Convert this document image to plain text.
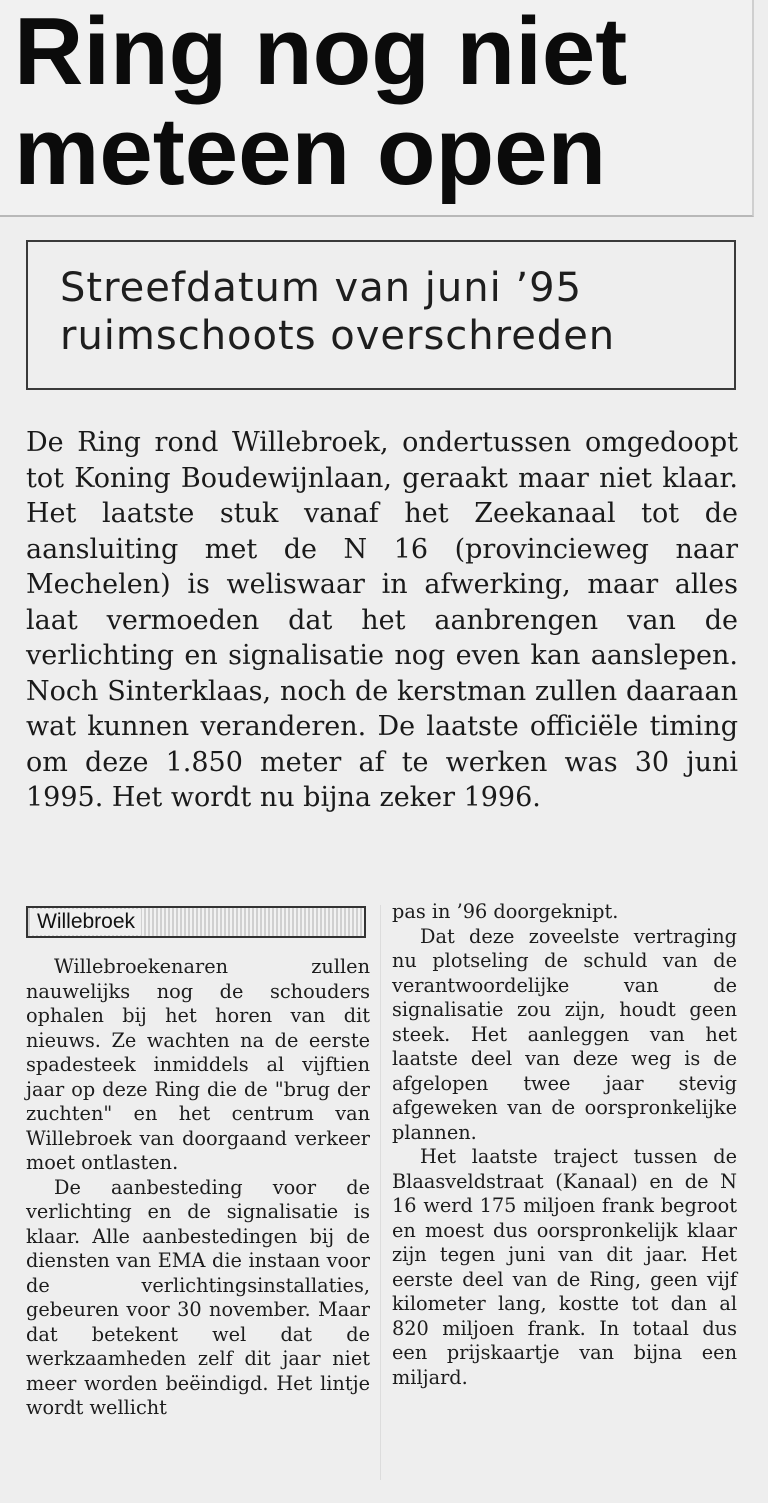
Ring nog niet meteen open
Streefdatum van juni ’95
ruimschoots overschreden
De Ring rond Willebroek, ondertussen omgedoopt tot Koning Boudewijnlaan, geraakt maar niet klaar. Het laatste stuk vanaf het Zeekanaal tot de aansluiting met de N 16 (provincieweg naar Mechelen) is weliswaar in afwerking, maar alles laat vermoeden dat het aanbrengen van de verlichting en signalisatie nog even kan aanslepen. Noch Sinterklaas, noch de kerstman zullen daaraan wat kunnen veranderen. De laatste officiële timing om deze 1.850 meter af te werken was 30 juni 1995. Het wordt nu bijna zeker 1996.
Willebroek

Willebroekenaren zullen nauwelijks nog de schouders ophalen bij het horen van dit nieuws. Ze wachten na de eerste spadesteek inmiddels al vijftien jaar op deze Ring die de "brug der zuchten" en het centrum van Willebroek van doorgaand verkeer moet ontlasten.

De aanbesteding voor de verlichting en de signalisatie is klaar. Alle aanbestedingen bij de diensten van EMA die instaan voor de verlichtingsinstallaties, gebeuren voor 30 november. Maar dat betekent wel dat de werkzaamheden zelf dit jaar niet meer worden beëindigd. Het lintje wordt wellicht

pas in ’96 doorgeknipt.

Dat deze zoveelste vertraging nu plotseling de schuld van de verantwoordelijke van de signalisatie zou zijn, houdt geen steek. Het aanleggen van het laatste deel van deze weg is de afgelopen twee jaar stevig afgeweken van de oorspronkelijke plannen.

Het laatste traject tussen de Blaasveldstraat (Kanaal) en de N 16 werd 175 miljoen frank begroot en moest dus oorspronkelijk klaar zijn tegen juni van dit jaar. Het eerste deel van de Ring, geen vijf kilometer lang, kostte tot dan al 820 miljoen frank. In totaal dus een prijskaartje van bijna een miljard.
